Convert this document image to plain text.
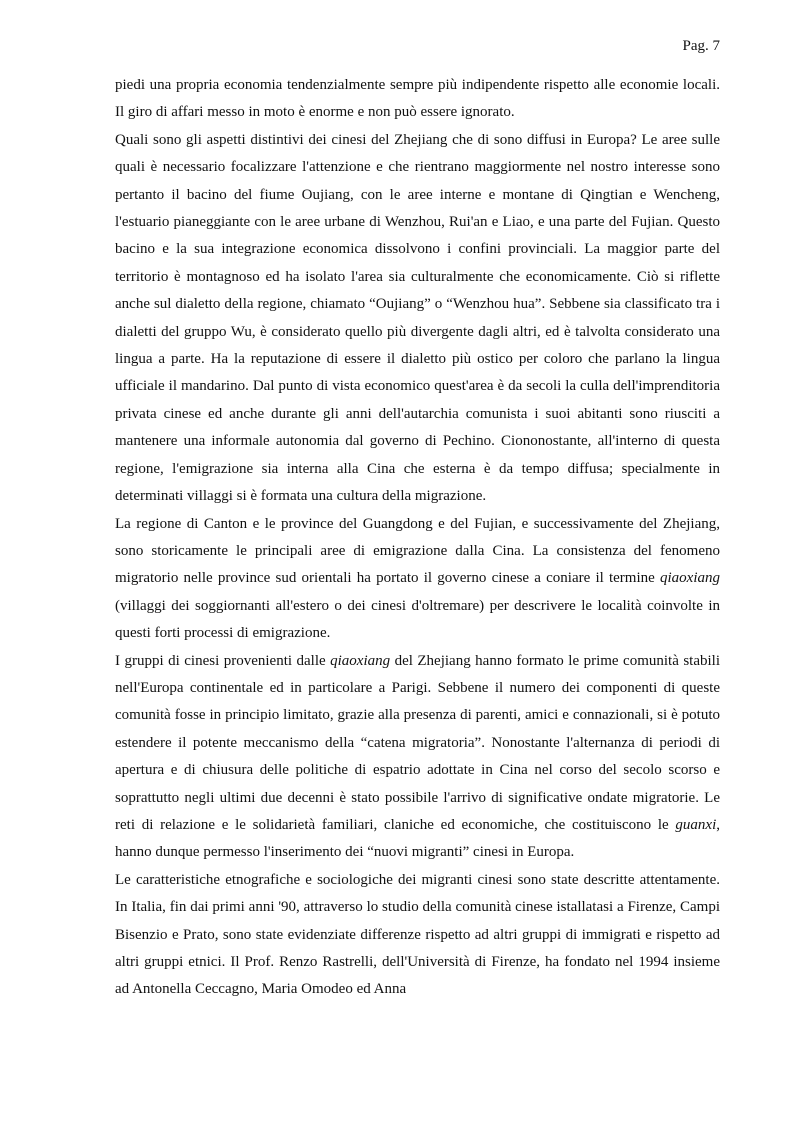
Pag. 7

piedi una propria economia tendenzialmente sempre più indipendente rispetto alle economie locali. Il giro di affari messo in moto è enorme e non può essere ignorato.

Quali sono gli aspetti distintivi dei cinesi del Zhejiang che di sono diffusi in Europa? Le aree sulle quali è necessario focalizzare l'attenzione e che rientrano maggiormente nel nostro interesse sono pertanto il bacino del fiume Oujiang, con le aree interne e montane di Qingtian e Wencheng, l'estuario pianeggiante con le aree urbane di Wenzhou, Rui'an e Liao, e una parte del Fujian. Questo bacino e la sua integrazione economica dissolvono i confini provinciali. La maggior parte del territorio è montagnoso ed ha isolato l'area sia culturalmente che economicamente. Ciò si riflette anche sul dialetto della regione, chiamato “Oujiang” o “Wenzhou hua”. Sebbene sia classificato tra i dialetti del gruppo Wu, è considerato quello più divergente dagli altri, ed è talvolta considerato una lingua a parte. Ha la reputazione di essere il dialetto più ostico per coloro che parlano la lingua ufficiale il mandarino. Dal punto di vista economico quest'area è da secoli la culla dell'imprenditoria privata cinese ed anche durante gli anni dell'autarchia comunista i suoi abitanti sono riusciti a mantenere una informale autonomia dal governo di Pechino. Ciononostante, all'interno di questa regione, l'emigrazione sia interna alla Cina che esterna è da tempo diffusa; specialmente in determinati villaggi si è formata una cultura della migrazione.

La regione di Canton e le province del Guangdong e del Fujian, e successivamente del Zhejiang, sono storicamente le principali aree di emigrazione dalla Cina. La consistenza del fenomeno migratorio nelle province sud orientali ha portato il governo cinese a coniare il termine qiaoxiang (villaggi dei soggiornanti all'estero o dei cinesi d'oltremare) per descrivere le località coinvolte in questi forti processi di emigrazione.

I gruppi di cinesi provenienti dalle qiaoxiang del Zhejiang hanno formato le prime comunità stabili nell'Europa continentale ed in particolare a Parigi. Sebbene il numero dei componenti di queste comunità fosse in principio limitato, grazie alla presenza di parenti, amici e connazionali, si è potuto estendere il potente meccanismo della “catena migratoria”. Nonostante l'alternanza di periodi di apertura e di chiusura delle politiche di espatrio adottate in Cina nel corso del secolo scorso e soprattutto negli ultimi due decenni è stato possibile l'arrivo di significative ondate migratorie. Le reti di relazione e le solidarietà familiari, claniche ed economiche, che costituiscono le guanxi, hanno dunque permesso l'inserimento dei “nuovi migranti” cinesi in Europa.

Le caratteristiche etnografiche e sociologiche dei migranti cinesi sono state descritte attentamente. In Italia, fin dai primi anni '90, attraverso lo studio della comunità cinese istallatasi a Firenze, Campi Bisenzio e Prato, sono state evidenziate differenze rispetto ad altri gruppi di immigrati e rispetto ad altri gruppi etnici. Il Prof. Renzo Rastrelli, dell'Università di Firenze, ha fondato nel 1994 insieme ad Antonella Ceccagno, Maria Omodeo ed Anna
